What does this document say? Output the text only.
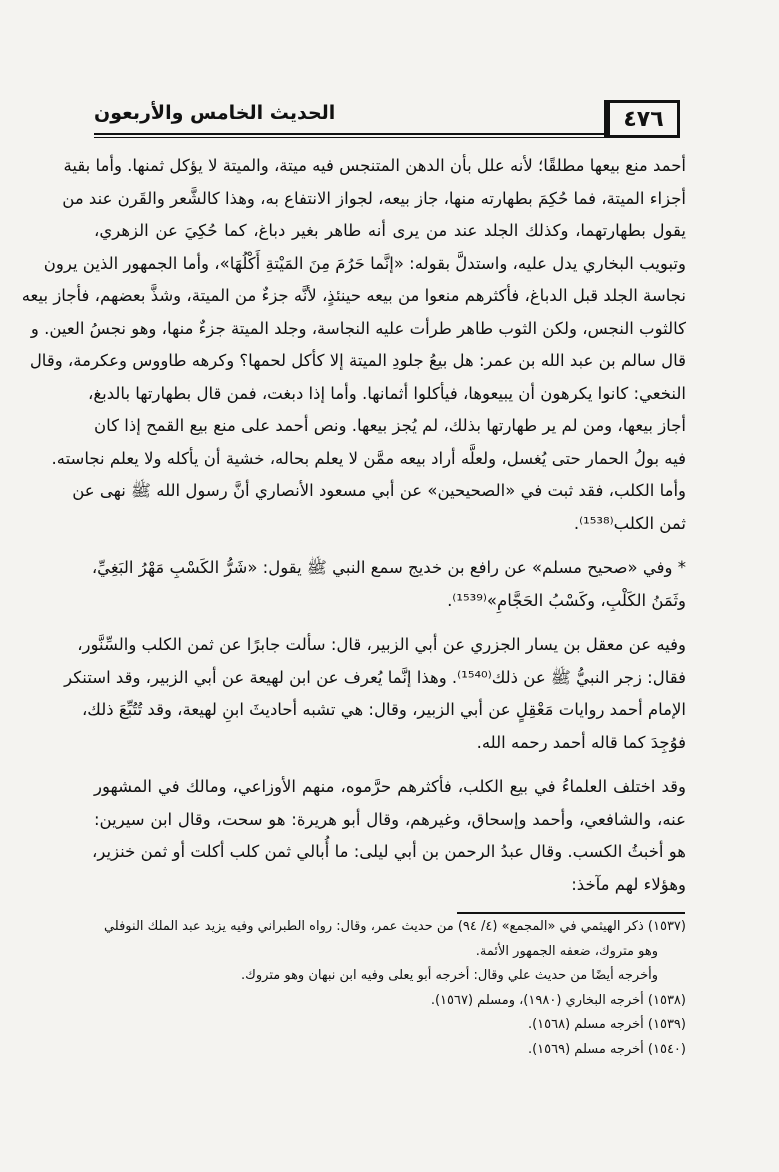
٤٧٦
الحديث الخامس والأربعون
أحمد منع بيعها مطلقًا؛ لأنه علل بأن الدهن المتنجس فيه ميتة، والميتة لا يؤكل ثمنها. وأما بقية
أجزاء الميتة، فما حُكِمَ بطهارته منها، جاز بيعه، لجواز الانتفاع به، وهذا كالشَّعر والقَرن عند من
يقول بطهارتهما، وكذلك الجلد عند من يرى أنه طاهر بغير دباغ، كما حُكِيَ عن الزهري،
وتبويب البخاري يدل عليه، واستدلَّ بقوله: «إنَّما حَرُمَ مِنَ المَيْتةِ أَكْلُهَا»، وأما الجمهور الذين يرون
نجاسة الجلد قبل الدباغ، فأكثرهم منعوا من بيعه حينئذٍ، لأنَّه جزءٌ من الميتة، وشذَّ بعضهم، فأجاز بيعه
كالثوب النجس، ولكن الثوب طاهر طرأت عليه النجاسة، وجلد الميتة جزءٌ منها، وهو نجسُ العين. و
قال سالم بن عبد الله بن عمر: هل بيعُ جلودِ الميتة إلا كأكل لحمها؟ وكرهه طاووس وعكرمة، وقال
النخعي: كانوا يكرهون أن يبيعوها، فيأكلوا أثمانها. وأما إذا دبغت، فمن قال بطهارتها بالدبغ،
أجاز بيعها، ومن لم ير طهارتها بذلك، لم يُجز بيعها. ونص أحمد على منع بيع القمح إذا كان
فيه بولُ الحمار حتى يُغسل، ولعلَّه أراد بيعه ممَّن لا يعلم بحاله، خشية أن يأكله ولا يعلم نجاسته.
وأما الكلب، فقد ثبت في «الصحيحين» عن أبي مسعود الأنصاري أنَّ رسول الله ﷺ نهى عن
ثمن الكلب⁽¹⁵³⁸⁾.
* وفي «صحيح مسلم» عن رافع بن خديج سمع النبي ﷺ يقول: «شَرُّ الكَسْبِ مَهْرُ البَغِيِّ،
وثَمَنُ الكَلْبِ، وكَسْبُ الحَجَّامِ»⁽¹⁵³⁹⁾.
وفيه عن معقل بن يسار الجزري عن أبي الزبير، قال: سألت جابرًا عن ثمن الكلب والسِّنَّور،
فقال: زجر النبيُّ ﷺ عن ذلك⁽¹⁵⁴⁰⁾. وهذا إنَّما يُعرف عن ابن لهيعة عن أبي الزبير، وقد استنكر
الإمام أحمد روايات مَعْقِلٍ عن أبي الزبير، وقال: هي تشبه أحاديثَ ابنِ لهيعة، وقد تُتُبِّعَ ذلك،
فوُجِدَ كما قاله أحمد رحمه الله.
وقد اختلف العلماءُ في بيع الكلب، فأكثرهم حرَّموه، منهم الأوزاعي، ومالك في المشهور
عنه، والشافعي، وأحمد وإسحاق، وغيرهم، وقال أبو هريرة: هو سحت، وقال ابن سيرين:
هو أخبثُ الكسب. وقال عبدُ الرحمن بن أبي ليلى: ما أُبالي ثمن كلب أكلت أو ثمن خنزير،
وهؤلاء لهم مآخذ:
(١٥٣٧) ذكر الهيثمي في «المجمع» (٤/ ٩٤) من حديث عمر، وقال: رواه الطبراني وفيه يزيد عبد الملك النوفلي
وهو متروك، ضعفه الجمهور الأئمة.
وأخرجه أيضًا من حديث علي وقال: أخرجه أبو يعلى وفيه ابن نبهان وهو متروك.
(١٥٣٨) أخرجه البخاري (١٩٨٠)، ومسلم (١٥٦٧).
(١٥٣٩) أخرجه مسلم (١٥٦٨).
(١٥٤٠) أخرجه مسلم (١٥٦٩).
